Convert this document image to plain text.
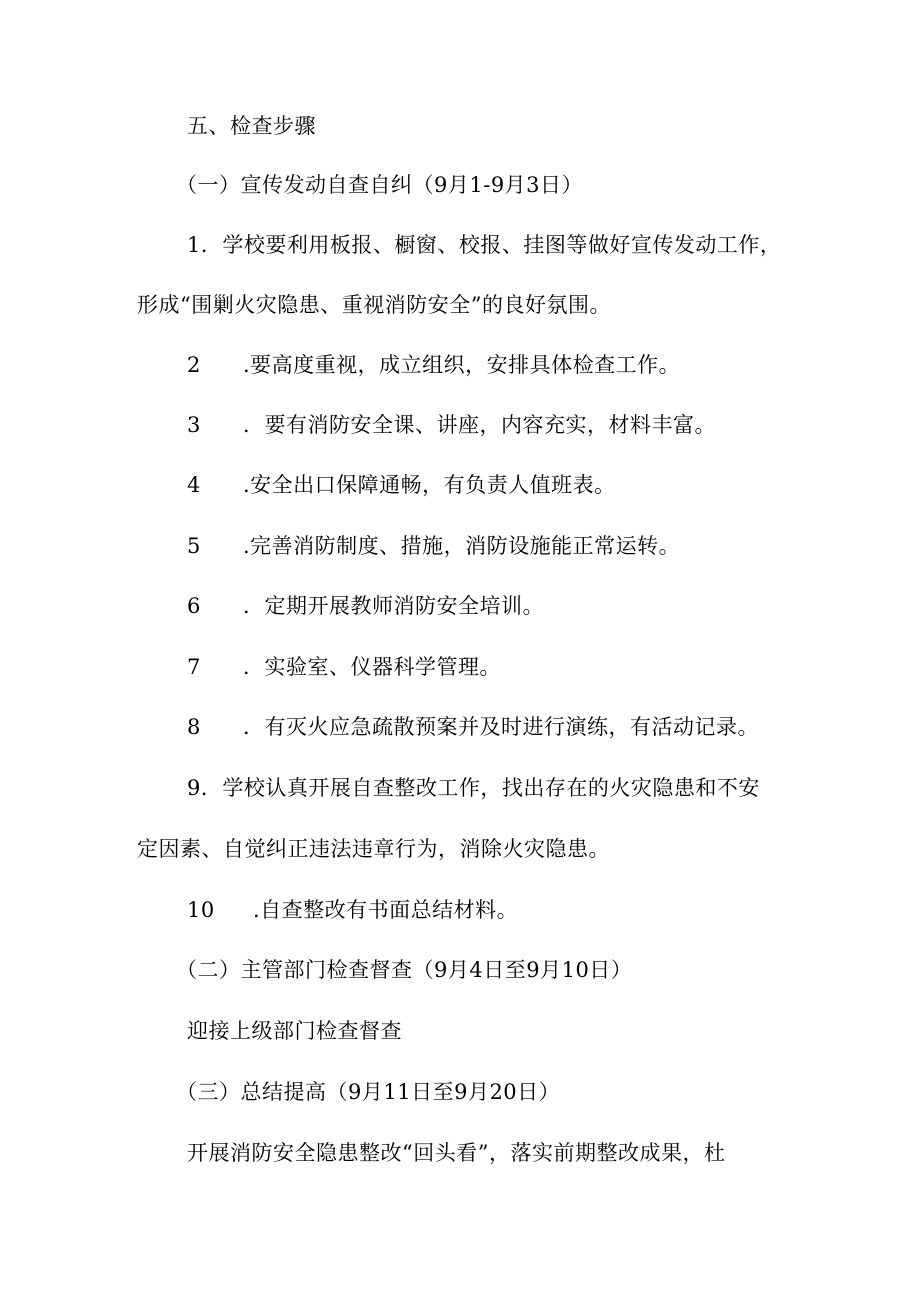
五、检查步骤
（一）宣传发动自查自纠（9月1-9月3日）
1．学校要利用板报、橱窗、校报、挂图等做好宣传发动工作，
形成“围剿火灾隐患、重视消防安全”的良好氛围。
2 .要高度重视，成立组织，安排具体检查工作。
3 ．要有消防安全课、讲座，内容充实，材料丰富。
4 .安全出口保障通畅，有负责人值班表。
5 .完善消防制度、措施，消防设施能正常运转。
6 ．定期开展教师消防安全培训。
7 ．实验室、仪器科学管理。
8 ．有灭火应急疏散预案并及时进行演练，有活动记录。
9．学校认真开展自查整改工作，找出存在的火灾隐患和不安
定因素、自觉纠正违法违章行为，消除火灾隐患。
10 .自查整改有书面总结材料。
（二）主管部门检查督查（9月4日至9月10日）
迎接上级部门检查督查
（三）总结提高（9月11日至9月20日）
开展消防安全隐患整改“回头看”，落实前期整改成果，杜
